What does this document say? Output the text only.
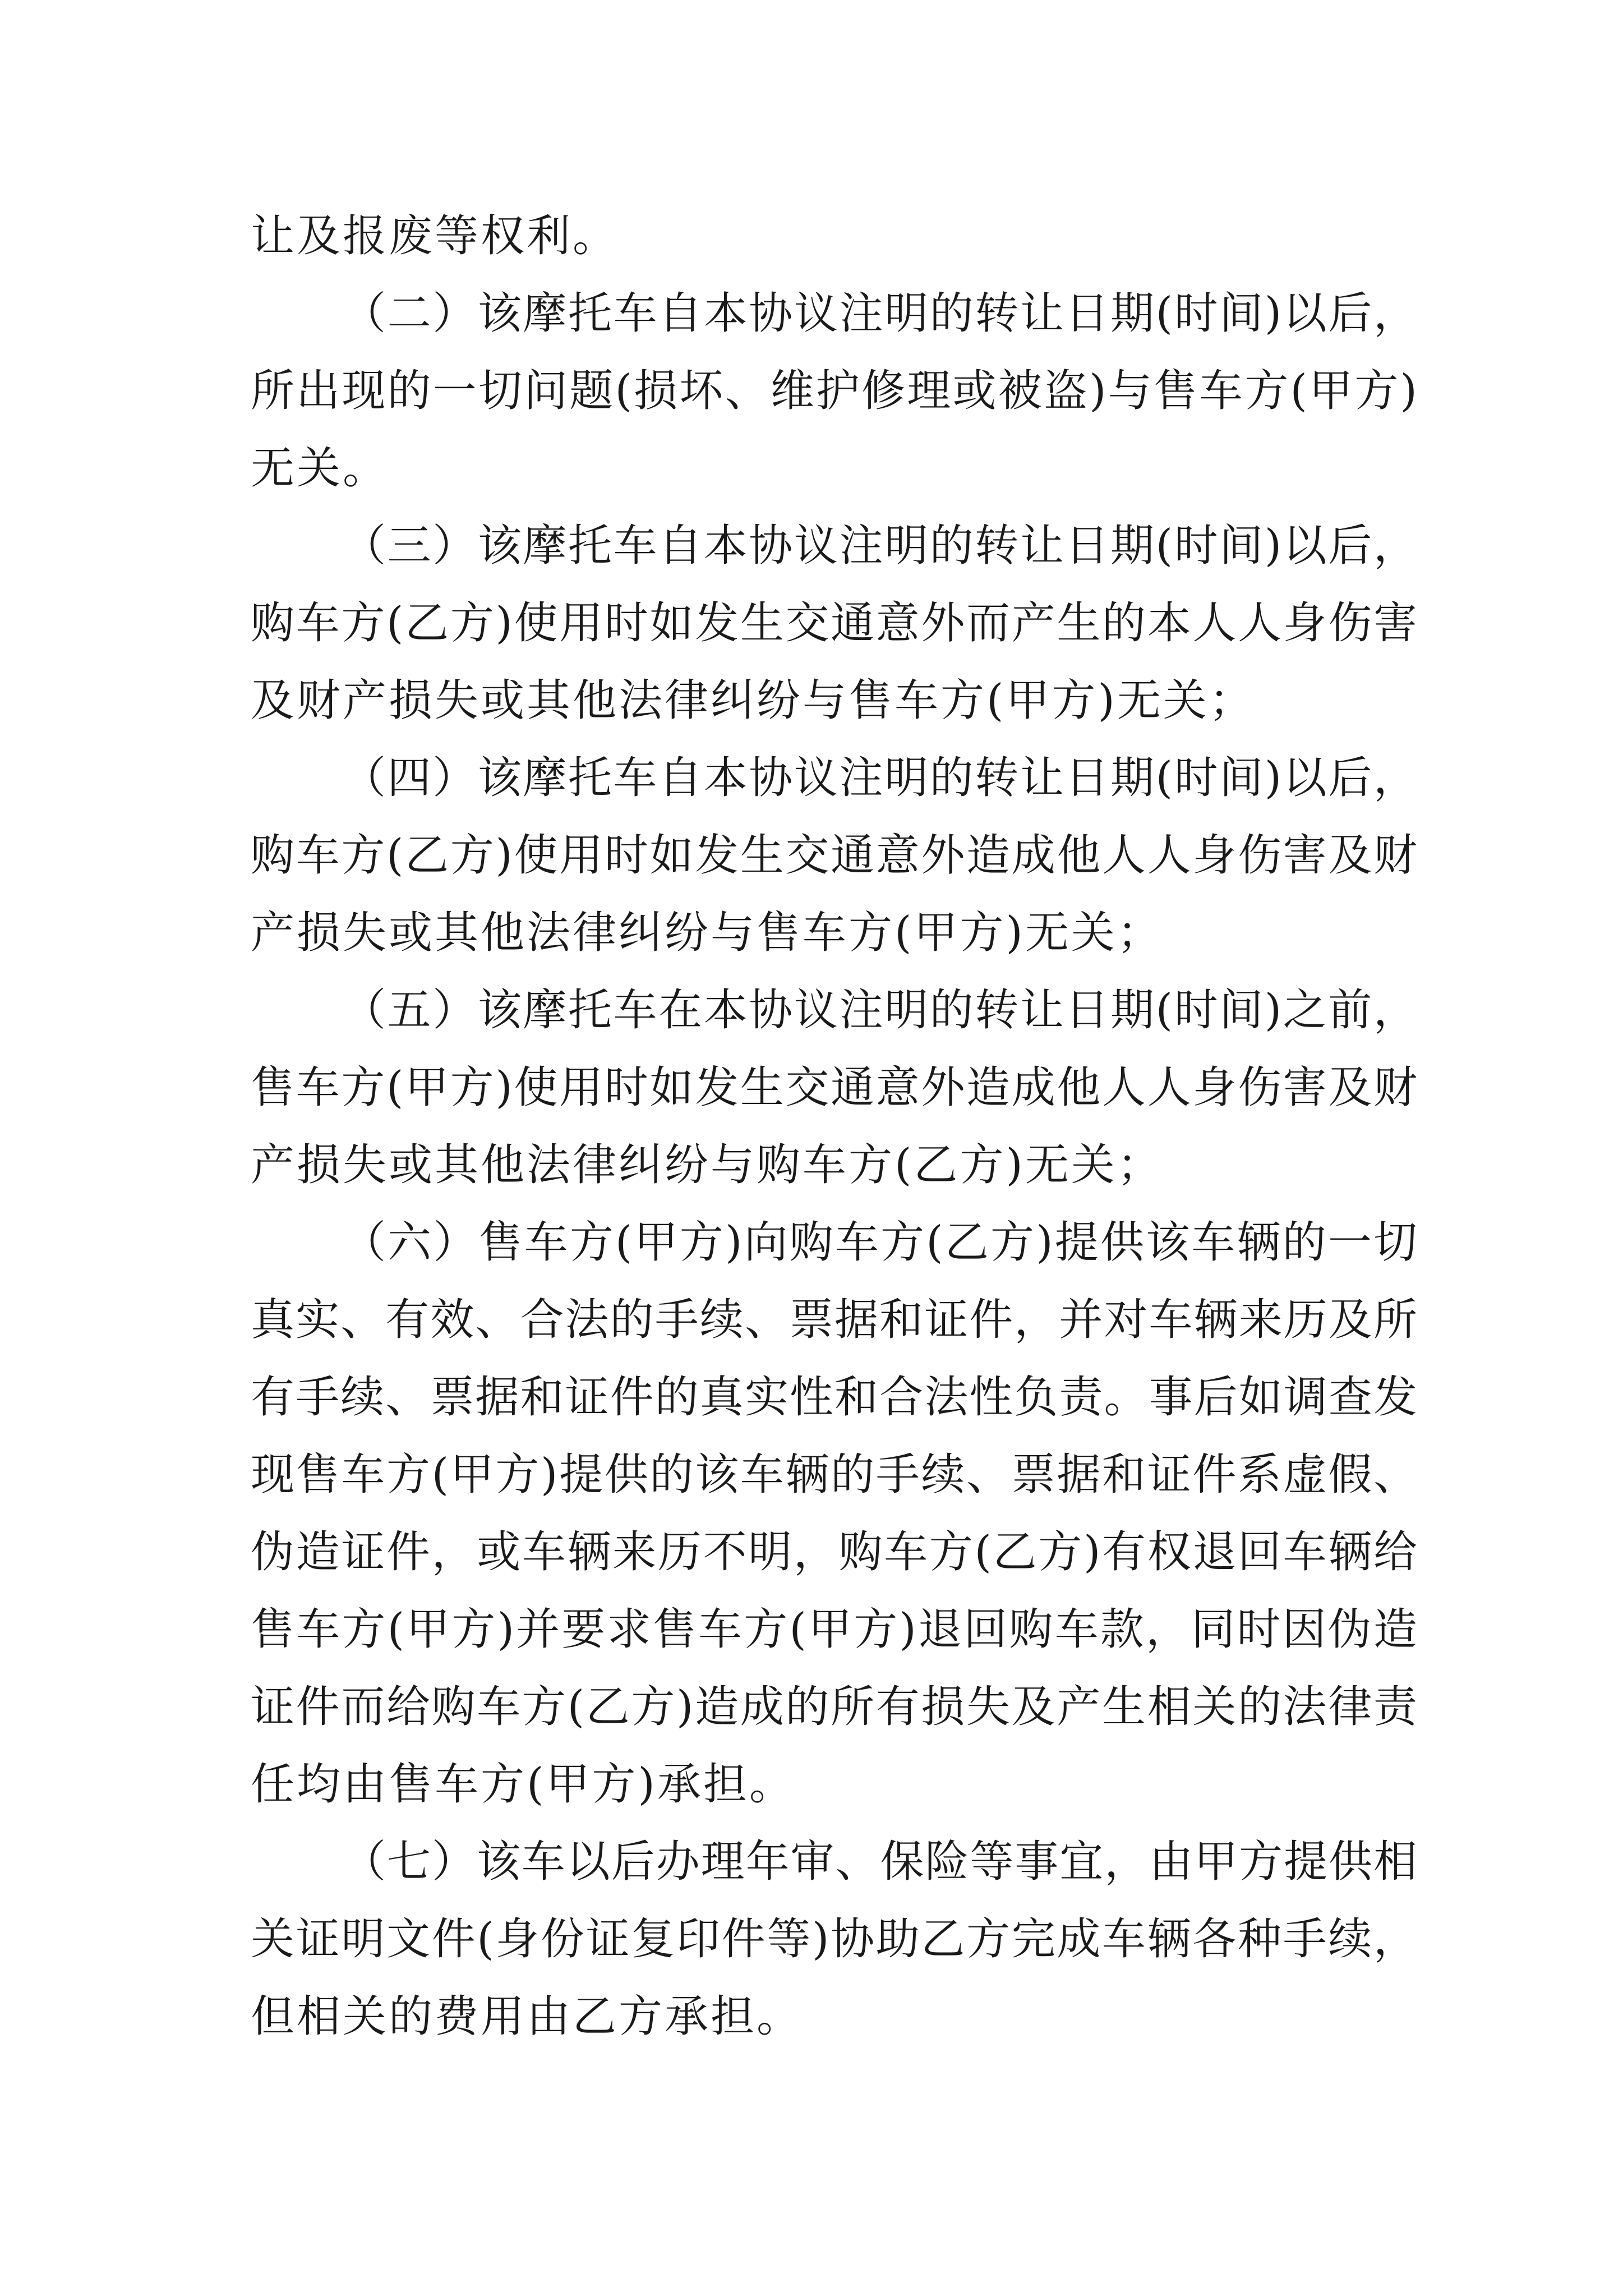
让及报废等权利。
（二）该摩托车自本协议注明的转让日期(时间)以后，
所出现的一切问题(损坏、维护修理或被盗)与售车方(甲方)
无关。
（三）该摩托车自本协议注明的转让日期(时间)以后，
购车方(乙方)使用时如发生交通意外而产生的本人人身伤害
及财产损失或其他法律纠纷与售车方(甲方)无关；
（四）该摩托车自本协议注明的转让日期(时间)以后，
购车方(乙方)使用时如发生交通意外造成他人人身伤害及财
产损失或其他法律纠纷与售车方(甲方)无关；
（五）该摩托车在本协议注明的转让日期(时间)之前，
售车方(甲方)使用时如发生交通意外造成他人人身伤害及财
产损失或其他法律纠纷与购车方(乙方)无关；
（六）售车方(甲方)向购车方(乙方)提供该车辆的一切
真实、有效、合法的手续、票据和证件，并对车辆来历及所
有手续、票据和证件的真实性和合法性负责。事后如调查发
现售车方(甲方)提供的该车辆的手续、票据和证件系虚假、
伪造证件，或车辆来历不明，购车方(乙方)有权退回车辆给
售车方(甲方)并要求售车方(甲方)退回购车款，同时因伪造
证件而给购车方(乙方)造成的所有损失及产生相关的法律责
任均由售车方(甲方)承担。
（七）该车以后办理年审、保险等事宜，由甲方提供相
关证明文件(身份证复印件等)协助乙方完成车辆各种手续，
但相关的费用由乙方承担。
